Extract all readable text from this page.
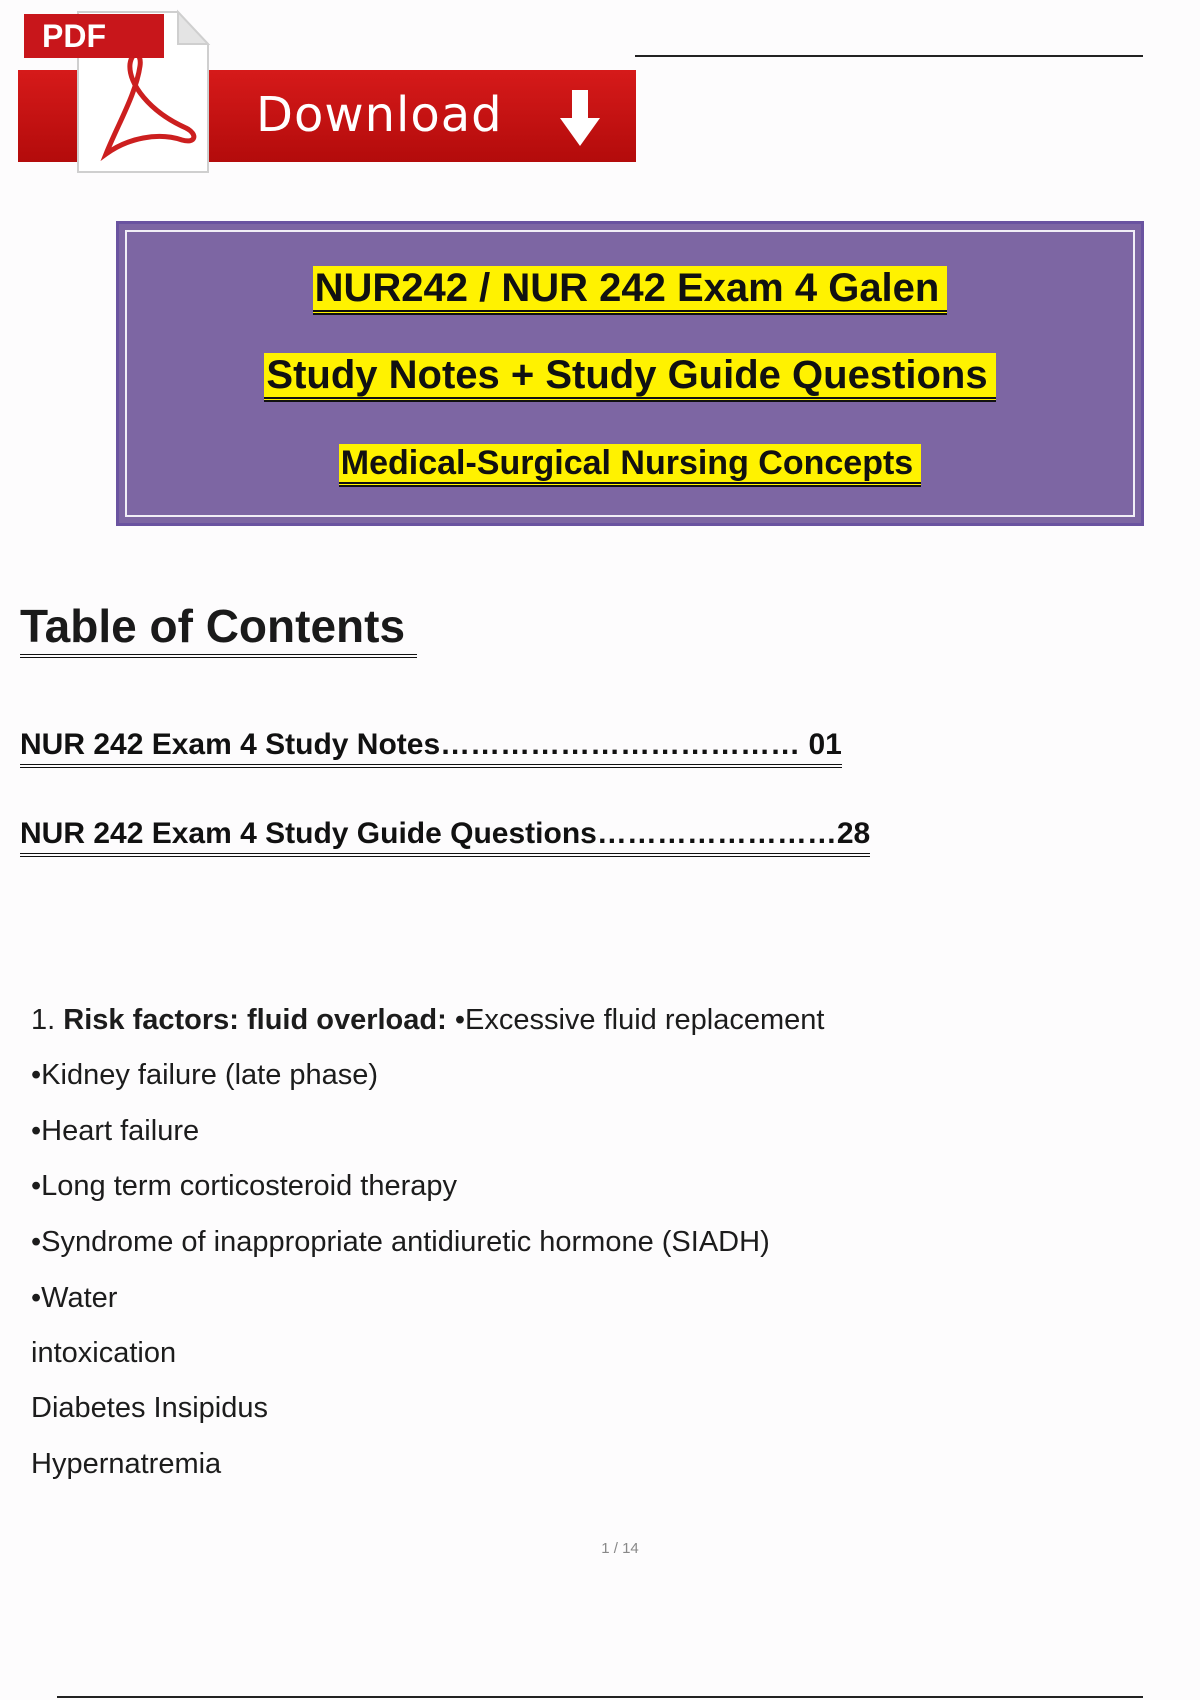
PDF
Download
NUR242 / NUR 242 Exam 4 Galen
Study Notes + Study Guide Questions
Medical-Surgical Nursing Concepts
Table of Contents
NUR 242 Exam 4 Study Notes……………………………… 01
NUR 242 Exam 4 Study Guide Questions……………………28
1. Risk factors: fluid overload: •Excessive fluid replacement
•Kidney failure (late phase)
•Heart failure
•Long term corticosteroid therapy
•Syndrome of inappropriate antidiuretic hormone (SIADH)
•Water
intoxication
Diabetes Insipidus
Hypernatremia
1 / 14
